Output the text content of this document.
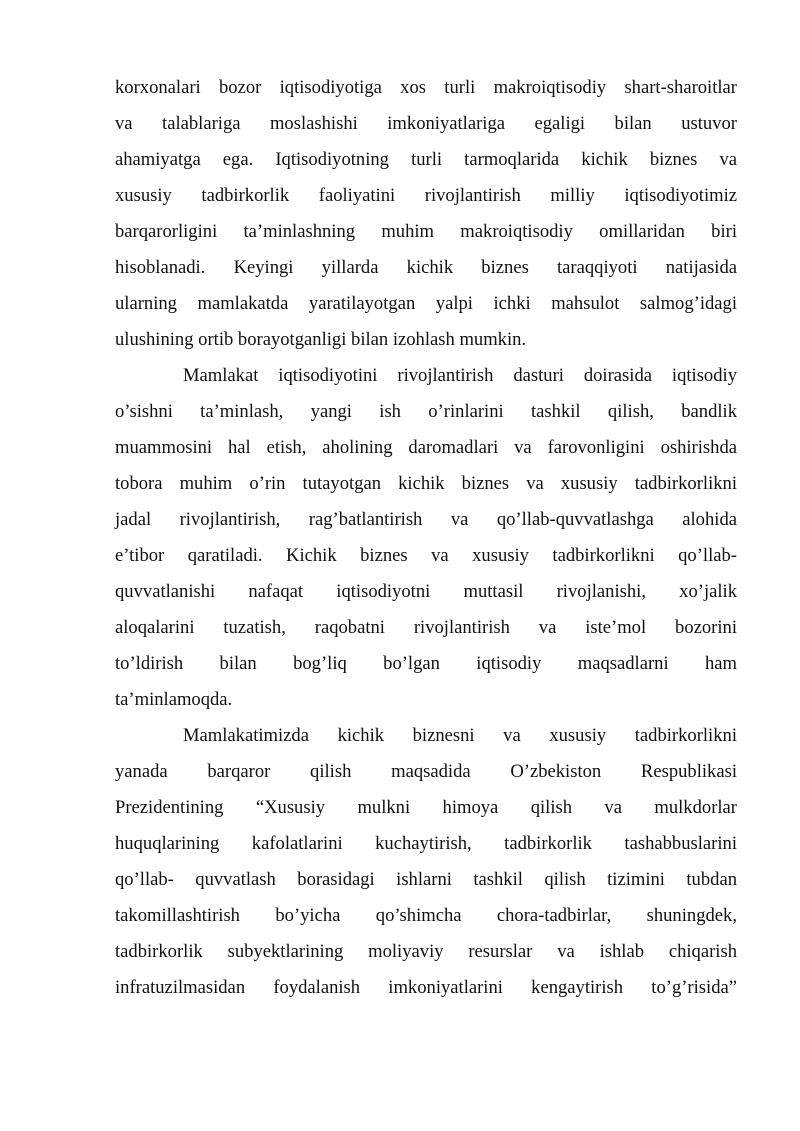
korxonalari bozor iqtisodiyotiga xos turli makroiqtisodiy shart-sharoitlar
va talablariga moslashishi imkoniyatlariga egaligi bilan ustuvor
ahamiyatga ega. Iqtisodiyotning turli tarmoqlarida kichik biznes va
xususiy tadbirkorlik faoliyatini rivojlantirish milliy iqtisodiyotimiz
barqarorligini ta’minlashning muhim makroiqtisodiy omillaridan biri
hisoblanadi. Keyingi yillarda kichik biznes taraqqiyoti natijasida
ularning mamlakatda yaratilayotgan yalpi ichki mahsulot salmog’idagi
ulushining ortib borayotganligi bilan izohlash mumkin.
Mamlakat iqtisodiyotini rivojlantirish dasturi doirasida iqtisodiy
o’sishni ta’minlash, yangi ish o’rinlarini tashkil qilish, bandlik
muammosini hal etish, aholining daromadlari va farovonligini oshirishda
tobora muhim o’rin tutayotgan kichik biznes va xususiy tadbirkorlikni
jadal rivojlantirish, rag’batlantirish va qo’llab-quvvatlashga alohida
e’tibor qaratiladi. Kichik biznes va xususiy tadbirkorlikni qo’llab-
quvvatlanishi nafaqat iqtisodiyotni muttasil rivojlanishi, xo’jalik
aloqalarini tuzatish, raqobatni rivojlantirish va iste’mol bozorini
to’ldirish bilan bog’liq bo’lgan iqtisodiy maqsadlarni ham
ta’minlamoqda.
Mamlakatimizda kichik biznesni va xususiy tadbirkorlikni
yanada barqaror qilish maqsadida O’zbekiston Respublikasi
Prezidentining “Xususiy mulkni himoya qilish va mulkdorlar
huquqlarining kafolatlarini kuchaytirish, tadbirkorlik tashabbuslarini
qo’llab- quvvatlash borasidagi ishlarni tashkil qilish tizimini tubdan
takomillashtirish bo’yicha qo’shimcha chora-tadbirlar, shuningdek,
tadbirkorlik subyektlarining moliyaviy resurslar va ishlab chiqarish
infratuzilmasidan foydalanish imkoniyatlarini kengaytirish to’g’risida”
